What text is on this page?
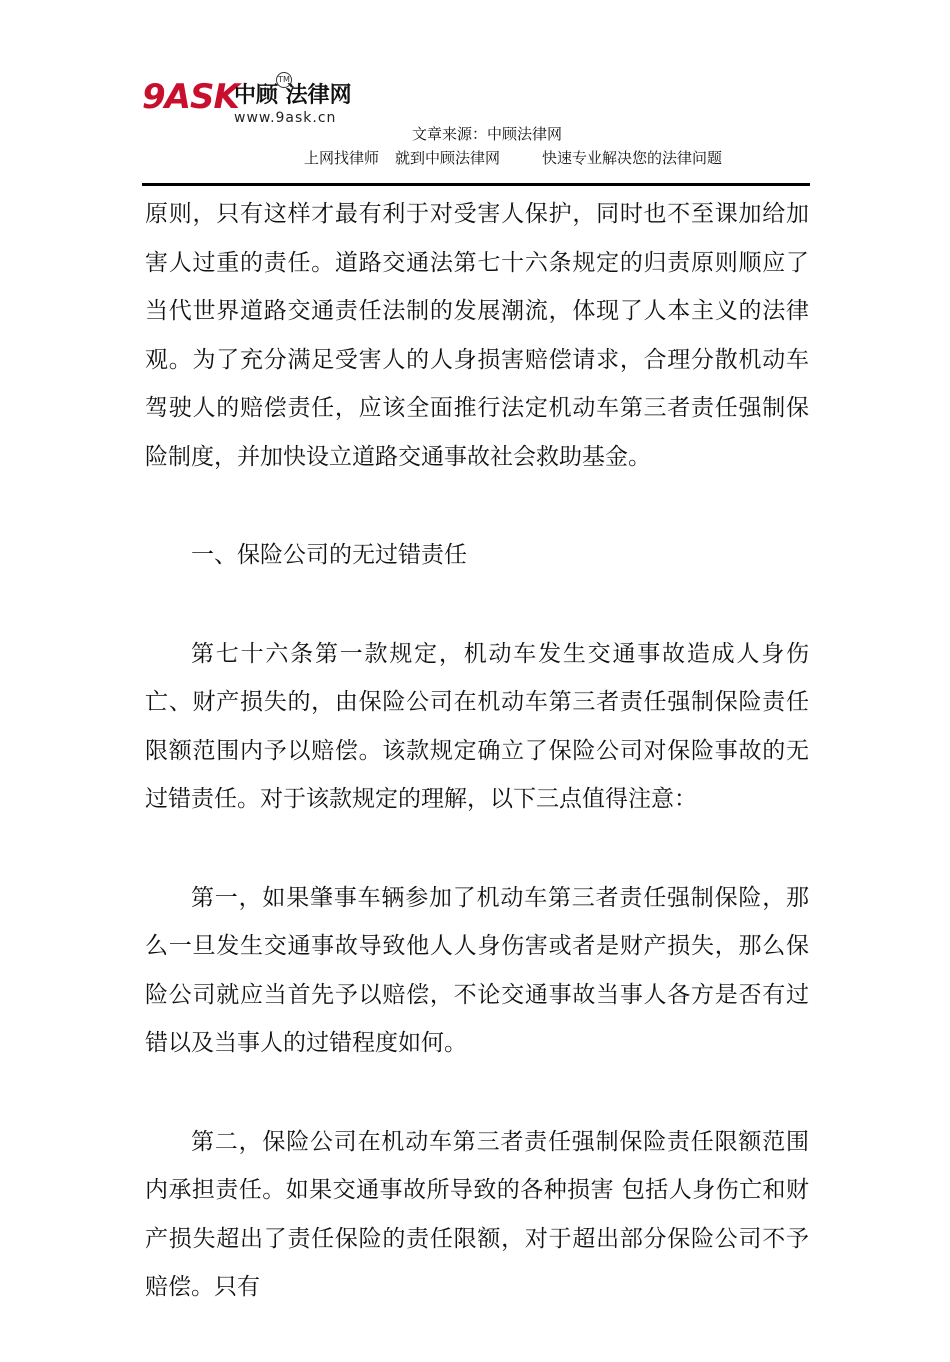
9ASK
中顾 法律网
TM
www.9ask.cn
文章来源：中顾法律网
上网找律师 就到中顾法律网	快速专业解决您的法律问题

原则，只有这样才最有利于对受害人保护，同时也不至课加给加害人过重的责任。道路交通法第七十六条规定的归责原则顺应了当代世界道路交通责任法制的发展潮流，体现了人本主义的法律观。为了充分满足受害人的人身损害赔偿请求，合理分散机动车驾驶人的赔偿责任，应该全面推行法定机动车第三者责任强制保险制度，并加快设立道路交通事故社会救助基金。

一、保险公司的无过错责任

第七十六条第一款规定，机动车发生交通事故造成人身伤亡、财产损失的，由保险公司在机动车第三者责任强制保险责任限额范围内予以赔偿。该款规定确立了保险公司对保险事故的无过错责任。对于该款规定的理解，以下三点值得注意：

第一，如果肇事车辆参加了机动车第三者责任强制保险，那么一旦发生交通事故导致他人人身伤害或者是财产损失，那么保险公司就应当首先予以赔偿，不论交通事故当事人各方是否有过错以及当事人的过错程度如何。

第二，保险公司在机动车第三者责任强制保险责任限额范围内承担责任。如果交通事故所导致的各种损害 包括人身伤亡和财产损失超出了责任保险的责任限额，对于超出部分保险公司不予赔偿。只有
